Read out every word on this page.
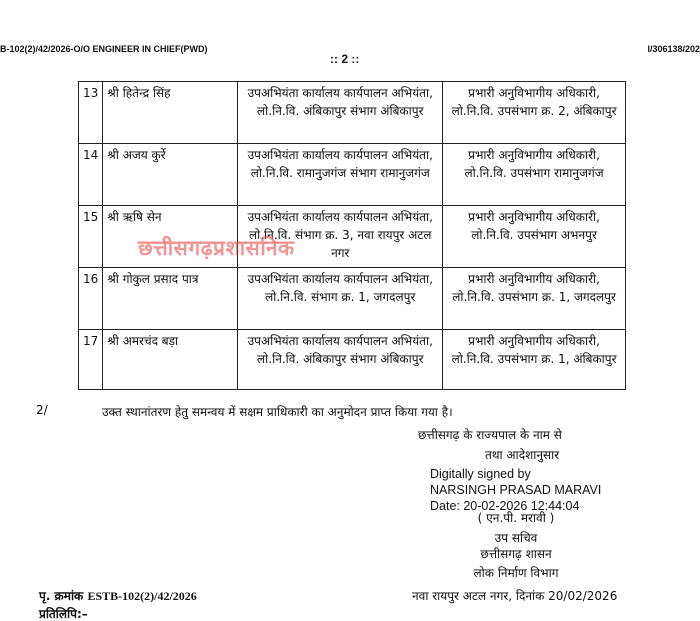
B-102(2)/42/2026-O/O ENGINEER IN CHIEF(PWD)
:: 2 ::
I/306138/202
13	श्री हितेन्द्र सिंह	उपअभियंता कार्यालय कार्यपालन अभियंता, लो.नि.वि. अंबिकापुर संभाग अंबिकापुर	प्रभारी अनुविभागीय अधिकारी, लो.नि.वि. उपसंभाग क्र. 2, अंबिकापुर
14	श्री अजय कुर्रे	उपअभियंता कार्यालय कार्यपालन अभियंता, लो.नि.वि. रामानुजगंज संभाग रामानुजगंज	प्रभारी अनुविभागीय अधिकारी, लो.नि.वि. उपसंभाग रामानुजगंज
15	श्री ऋषि सेन	उपअभियंता कार्यालय कार्यपालन अभियंता, लो.नि.वि. संभाग क्र. 3, नवा रायपुर अटल नगर	प्रभारी अनुविभागीय अधिकारी, लो.नि.वि. उपसंभाग अभनपुर
16	श्री गोकुल प्रसाद पात्र	उपअभियंता कार्यालय कार्यपालन अभियंता, लो.नि.वि. संभाग क्र. 1, जगदलपुर	प्रभारी अनुविभागीय अधिकारी, लो.नि.वि. उपसंभाग क्र. 1, जगदलपुर
17	श्री अमरचंद बड़ा	उपअभियंता कार्यालय कार्यपालन अभियंता, लो.नि.वि. अंबिकापुर संभाग अंबिकापुर	प्रभारी अनुविभागीय अधिकारी, लो.नि.वि. उपसंभाग क्र. 1, अंबिकापुर
छत्तीसगढ़प्रशासनिक
2/	उक्त स्थानांतरण हेतु समन्वय में सक्षम प्राधिकारी का अनुमोदन प्राप्त किया गया है।
छत्तीसगढ़ के राज्यपाल के नाम से
तथा आदेशानुसार
Digitally signed by
NARSINGH PRASAD MARAVI
Date: 20-02-2026 12:44:04
( एन.पी. मरावी )
उप सचिव
छत्तीसगढ़ शासन
लोक निर्माण विभाग
पृ. क्रमांक ESTB-102(2)/42/2026	नवा रायपुर अटल नगर, दिनांक 20/02/2026
प्रतिलिपि:–
